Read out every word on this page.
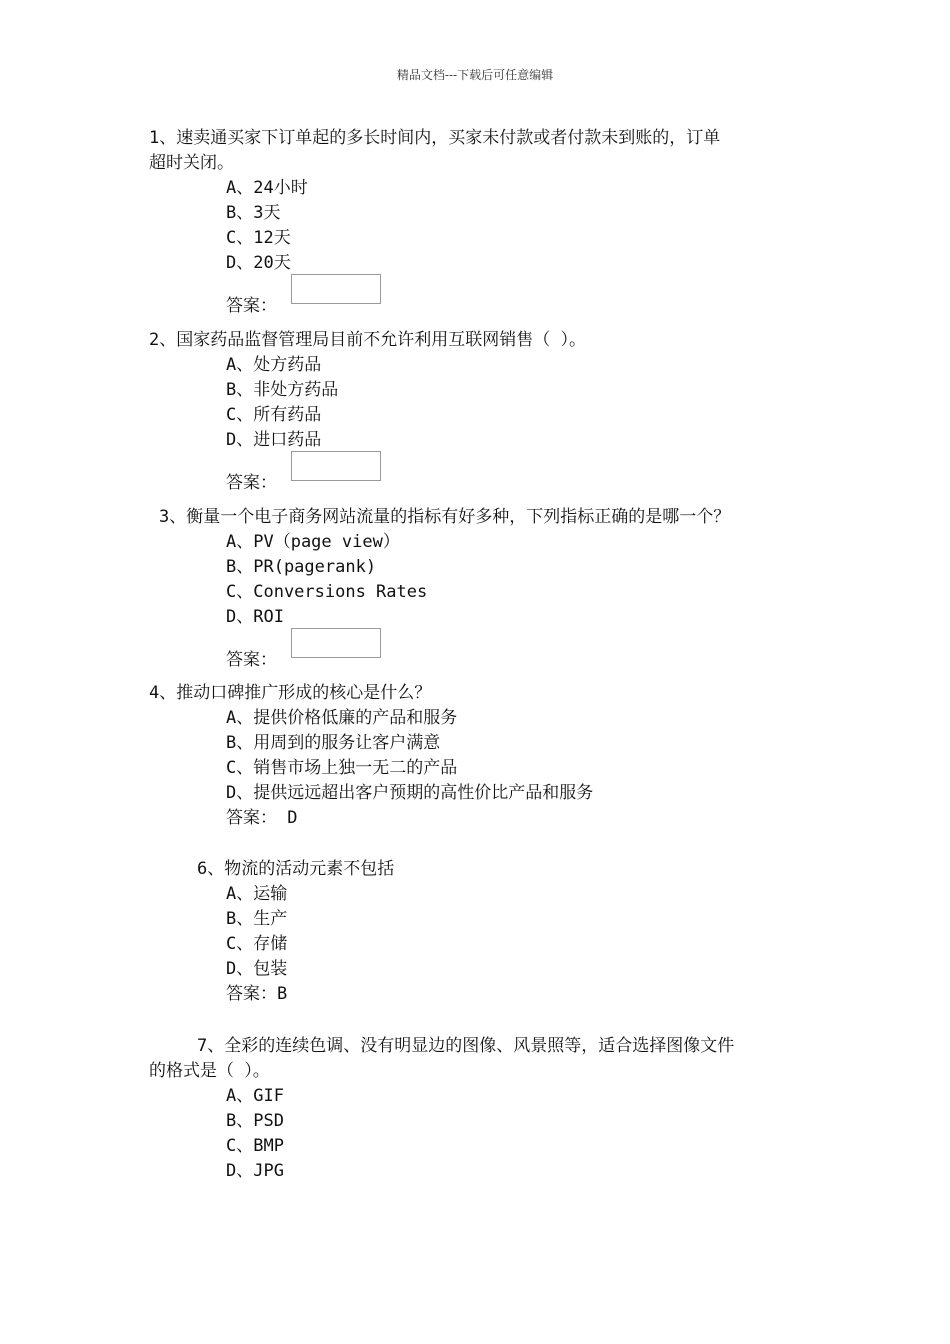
精品文档---下载后可任意编辑
1、速卖通买家下订单起的多长时间内，买家未付款或者付款未到账的，订单
超时关闭。
A、24小时
B、3天
C、12天
D、20天
答案：
2、国家药品监督管理局目前不允许利用互联网销售（ ）。
A、处方药品
B、非处方药品
C、所有药品
D、进口药品
答案：
3、衡量一个电子商务网站流量的指标有好多种，下列指标正确的是哪一个？
A、PV（page view）
B、PR(pagerank)
C、Conversions Rates
D、ROI
答案：
4、推动口碑推广形成的核心是什么？
A、提供价格低廉的产品和服务
B、用周到的服务让客户满意
C、销售市场上独一无二的产品
D、提供远远超出客户预期的高性价比产品和服务
答案： D
6、物流的活动元素不包括
A、运输
B、生产
C、存储
D、包装
答案：B
7、全彩的连续色调、没有明显边的图像、风景照等，适合选择图像文件
的格式是（ ）。
A、GIF
B、PSD
C、BMP
D、JPG
